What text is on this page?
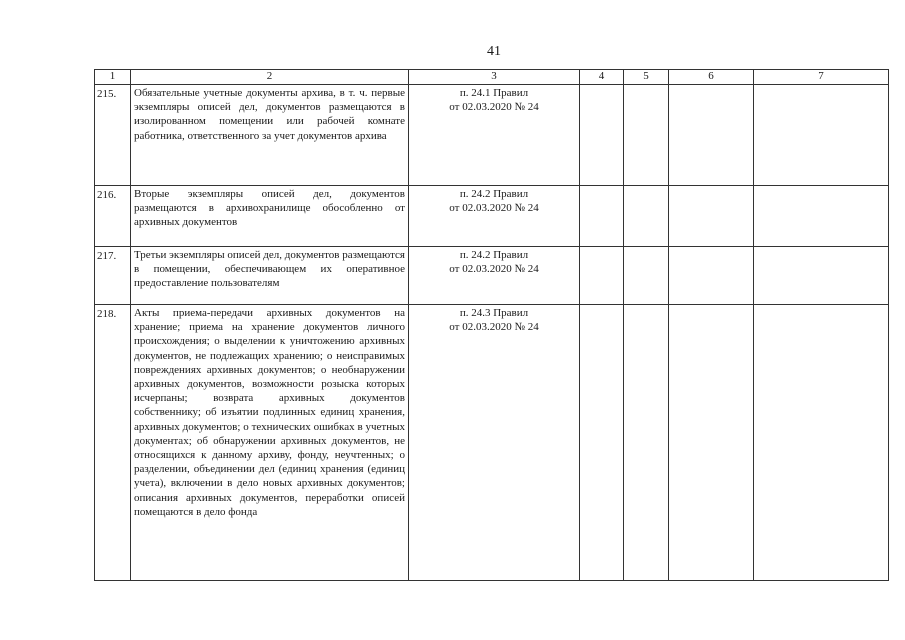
41
1	2	3	4	5	6	7
215.	Обязательные учетные документы архива, в т. ч. первые экземпляры описей дел, документов размещаются в изолированном помещении или рабочей комнате работника, ответственного за учет документов архива	п. 24.1 Правил
от 02.03.2020 № 24				

216.	Вторые экземпляры описей дел, документов размещаются в архивохранилище обособленно от архивных документов	п. 24.2 Правил
от 02.03.2020 № 24				

217.	Третьи экземпляры описей дел, документов размещаются в помещении, обеспечивающем их оперативное предоставление пользователям	п. 24.2 Правил
от 02.03.2020 № 24				

218.	Акты приема-передачи архивных документов на хранение; приема на хранение документов личного происхождения; о выделении к уничтожению архивных документов, не подлежащих хранению; о неисправимых повреждениях архивных документов; о необнаружении архивных документов, возможности розыска которых исчерпаны; возврата архивных документов собственнику; об изъятии подлинных единиц хранения, архивных документов; о технических ошибках в учетных документах; об обнаружении архивных документов, не относящихся к данному архиву, фонду, неучтенных; о разделении, объединении дел (единиц хранения (единиц учета), включении в дело новых архивных документов; описания архивных документов, переработки описей помещаются в дело фонда	п. 24.3 Правил
от 02.03.2020 № 24				
